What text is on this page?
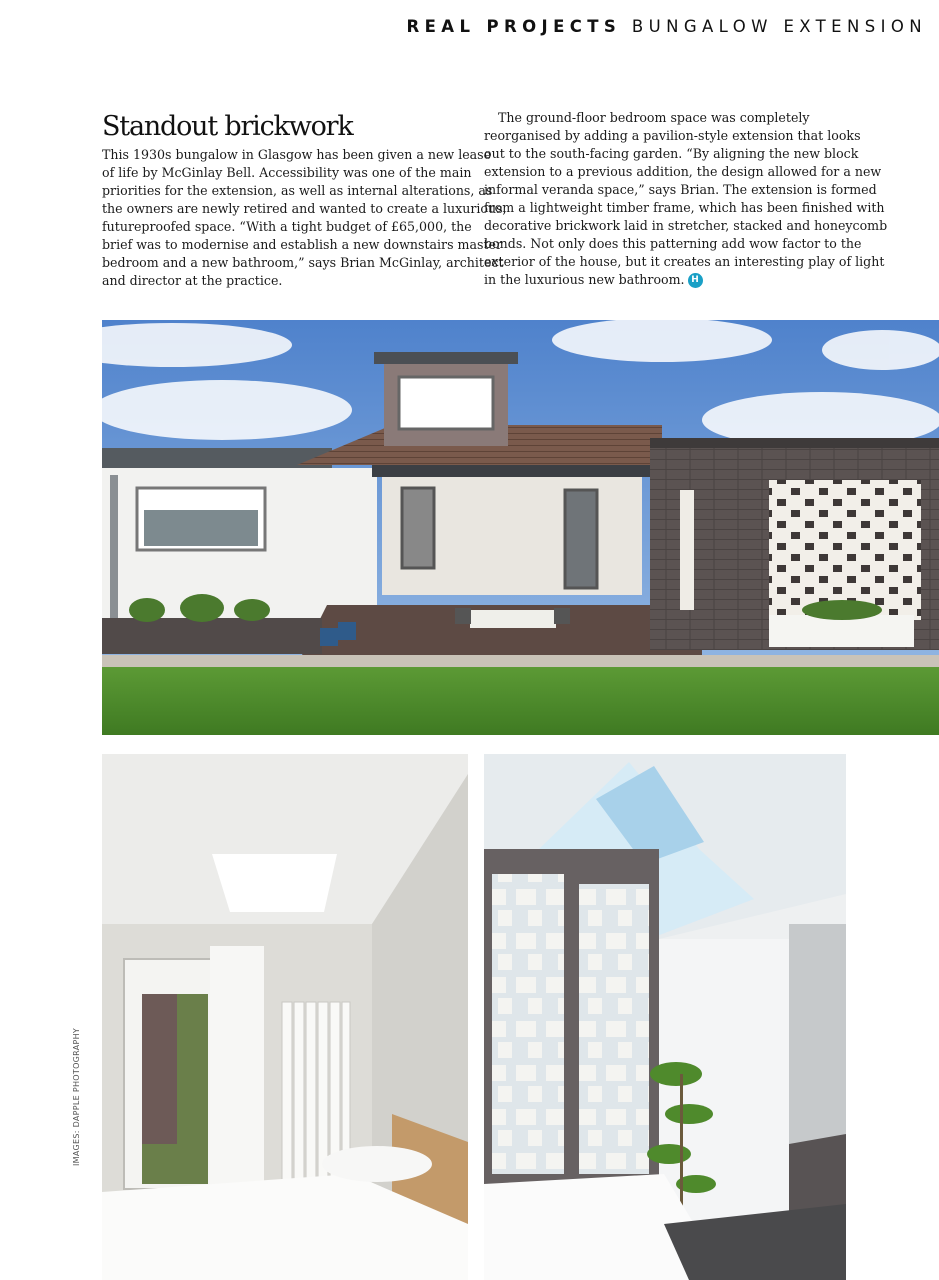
REAL PROJECTS BUNGALOW EXTENSION
Standout brickwork
This 1930s bungalow in Glasgow has been given a new lease
of life by McGinlay Bell. Accessibility was one of the main
priorities for the extension, as well as internal alterations, as
the owners are newly retired and wanted to create a luxurious,
futureproofed space. “With a tight budget of £65,000, the
brief was to modernise and establish a new downstairs master
bedroom and a new bathroom,” says Brian McGinlay, architect
and director at the practice.
The ground-floor bedroom space was completely
reorganised by adding a pavilion-style extension that looks
out to the south-facing garden. “By aligning the new block
extension to a previous addition, the design allowed for a new
informal veranda space,” says Brian. The extension is formed
from a lightweight timber frame, which has been finished with
decorative brickwork laid in stretcher, stacked and honeycomb
bonds. Not only does this patterning add wow factor to the
exterior of the house, but it creates an interesting play of light
in the luxurious new bathroom. H
IMAGES: DAPPLE PHOTOGRAPHY
